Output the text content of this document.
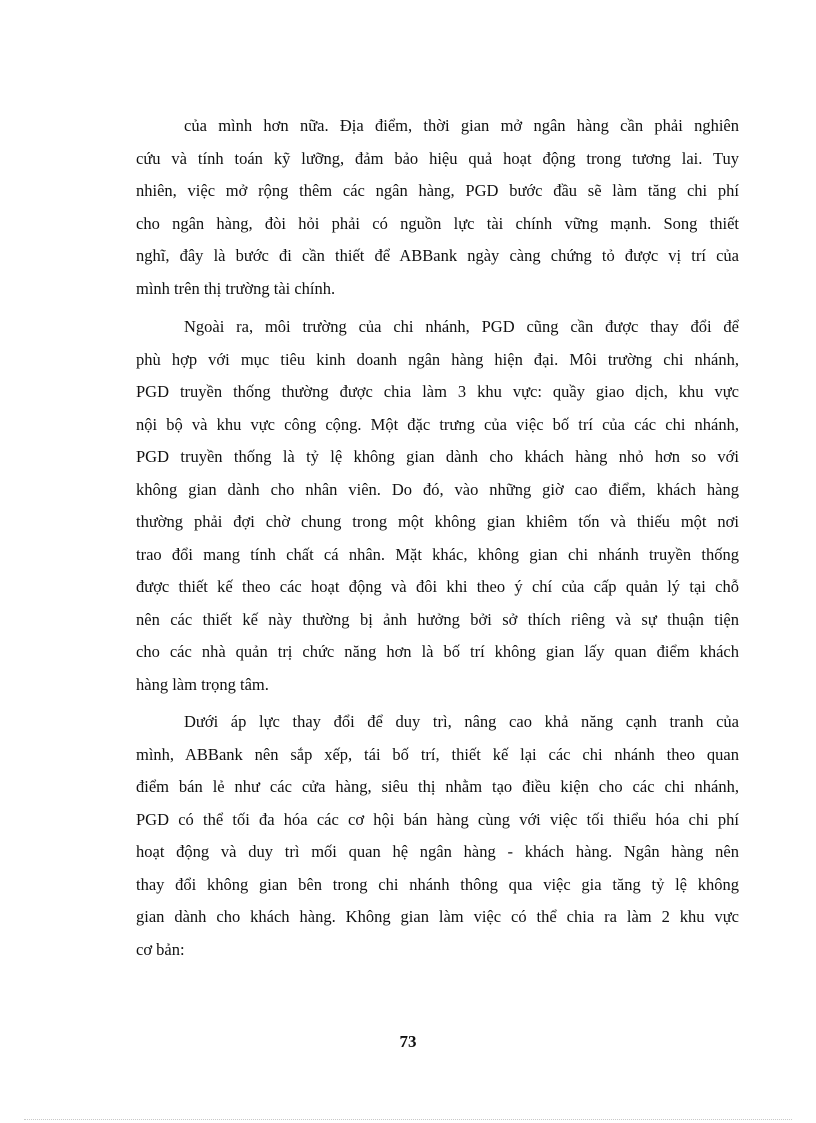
của mình hơn nữa. Địa điểm, thời gian mở ngân hàng cần phải nghiên
cứu và tính toán kỹ lưỡng, đảm bảo hiệu quả hoạt động trong tương lai. Tuy
nhiên, việc mở rộng thêm các ngân hàng, PGD bước đầu sẽ làm tăng chi phí
cho ngân hàng, đòi hỏi phải có nguồn lực tài chính vững mạnh. Song thiết
nghĩ, đây là bước đi cần thiết để ABBank ngày càng chứng tỏ được vị trí của
mình trên thị trường tài chính.
Ngoài ra, môi trường của chi nhánh, PGD cũng cần được thay đổi để
phù hợp với mục tiêu kinh doanh ngân hàng hiện đại. Môi trường chi nhánh,
PGD truyền thống thường được chia làm 3 khu vực: quầy giao dịch, khu vực
nội bộ và khu vực công cộng. Một đặc trưng của việc bố trí của các chi nhánh,
PGD truyền thống là tỷ lệ không gian dành cho khách hàng nhỏ hơn so với
không gian dành cho nhân viên. Do đó, vào những giờ cao điểm, khách hàng
thường phải đợi chờ chung trong một không gian khiêm tốn và thiếu một nơi
trao đổi mang tính chất cá nhân. Mặt khác, không gian chi nhánh truyền thống
được thiết kế theo các hoạt động và đôi khi theo ý chí của cấp quản lý tại chỗ
nên các thiết kế này thường bị ảnh hưởng bởi sở thích riêng và sự thuận tiện
cho các nhà quản trị chức năng hơn là bố trí không gian lấy quan điểm khách
hàng làm trọng tâm.
Dưới áp lực thay đổi để duy trì, nâng cao khả năng cạnh tranh của
mình, ABBank nên sắp xếp, tái bố trí, thiết kế lại các chi nhánh theo quan
điểm bán lẻ như các cửa hàng, siêu thị nhằm tạo điều kiện cho các chi nhánh,
PGD có thể tối đa hóa các cơ hội bán hàng cùng với việc tối thiểu hóa chi phí
hoạt động và duy trì mối quan hệ ngân hàng - khách hàng. Ngân hàng nên
thay đổi không gian bên trong chi nhánh thông qua việc gia tăng tỷ lệ không
gian dành cho khách hàng. Không gian làm việc có thể chia ra làm 2 khu vực
cơ bản:
73
